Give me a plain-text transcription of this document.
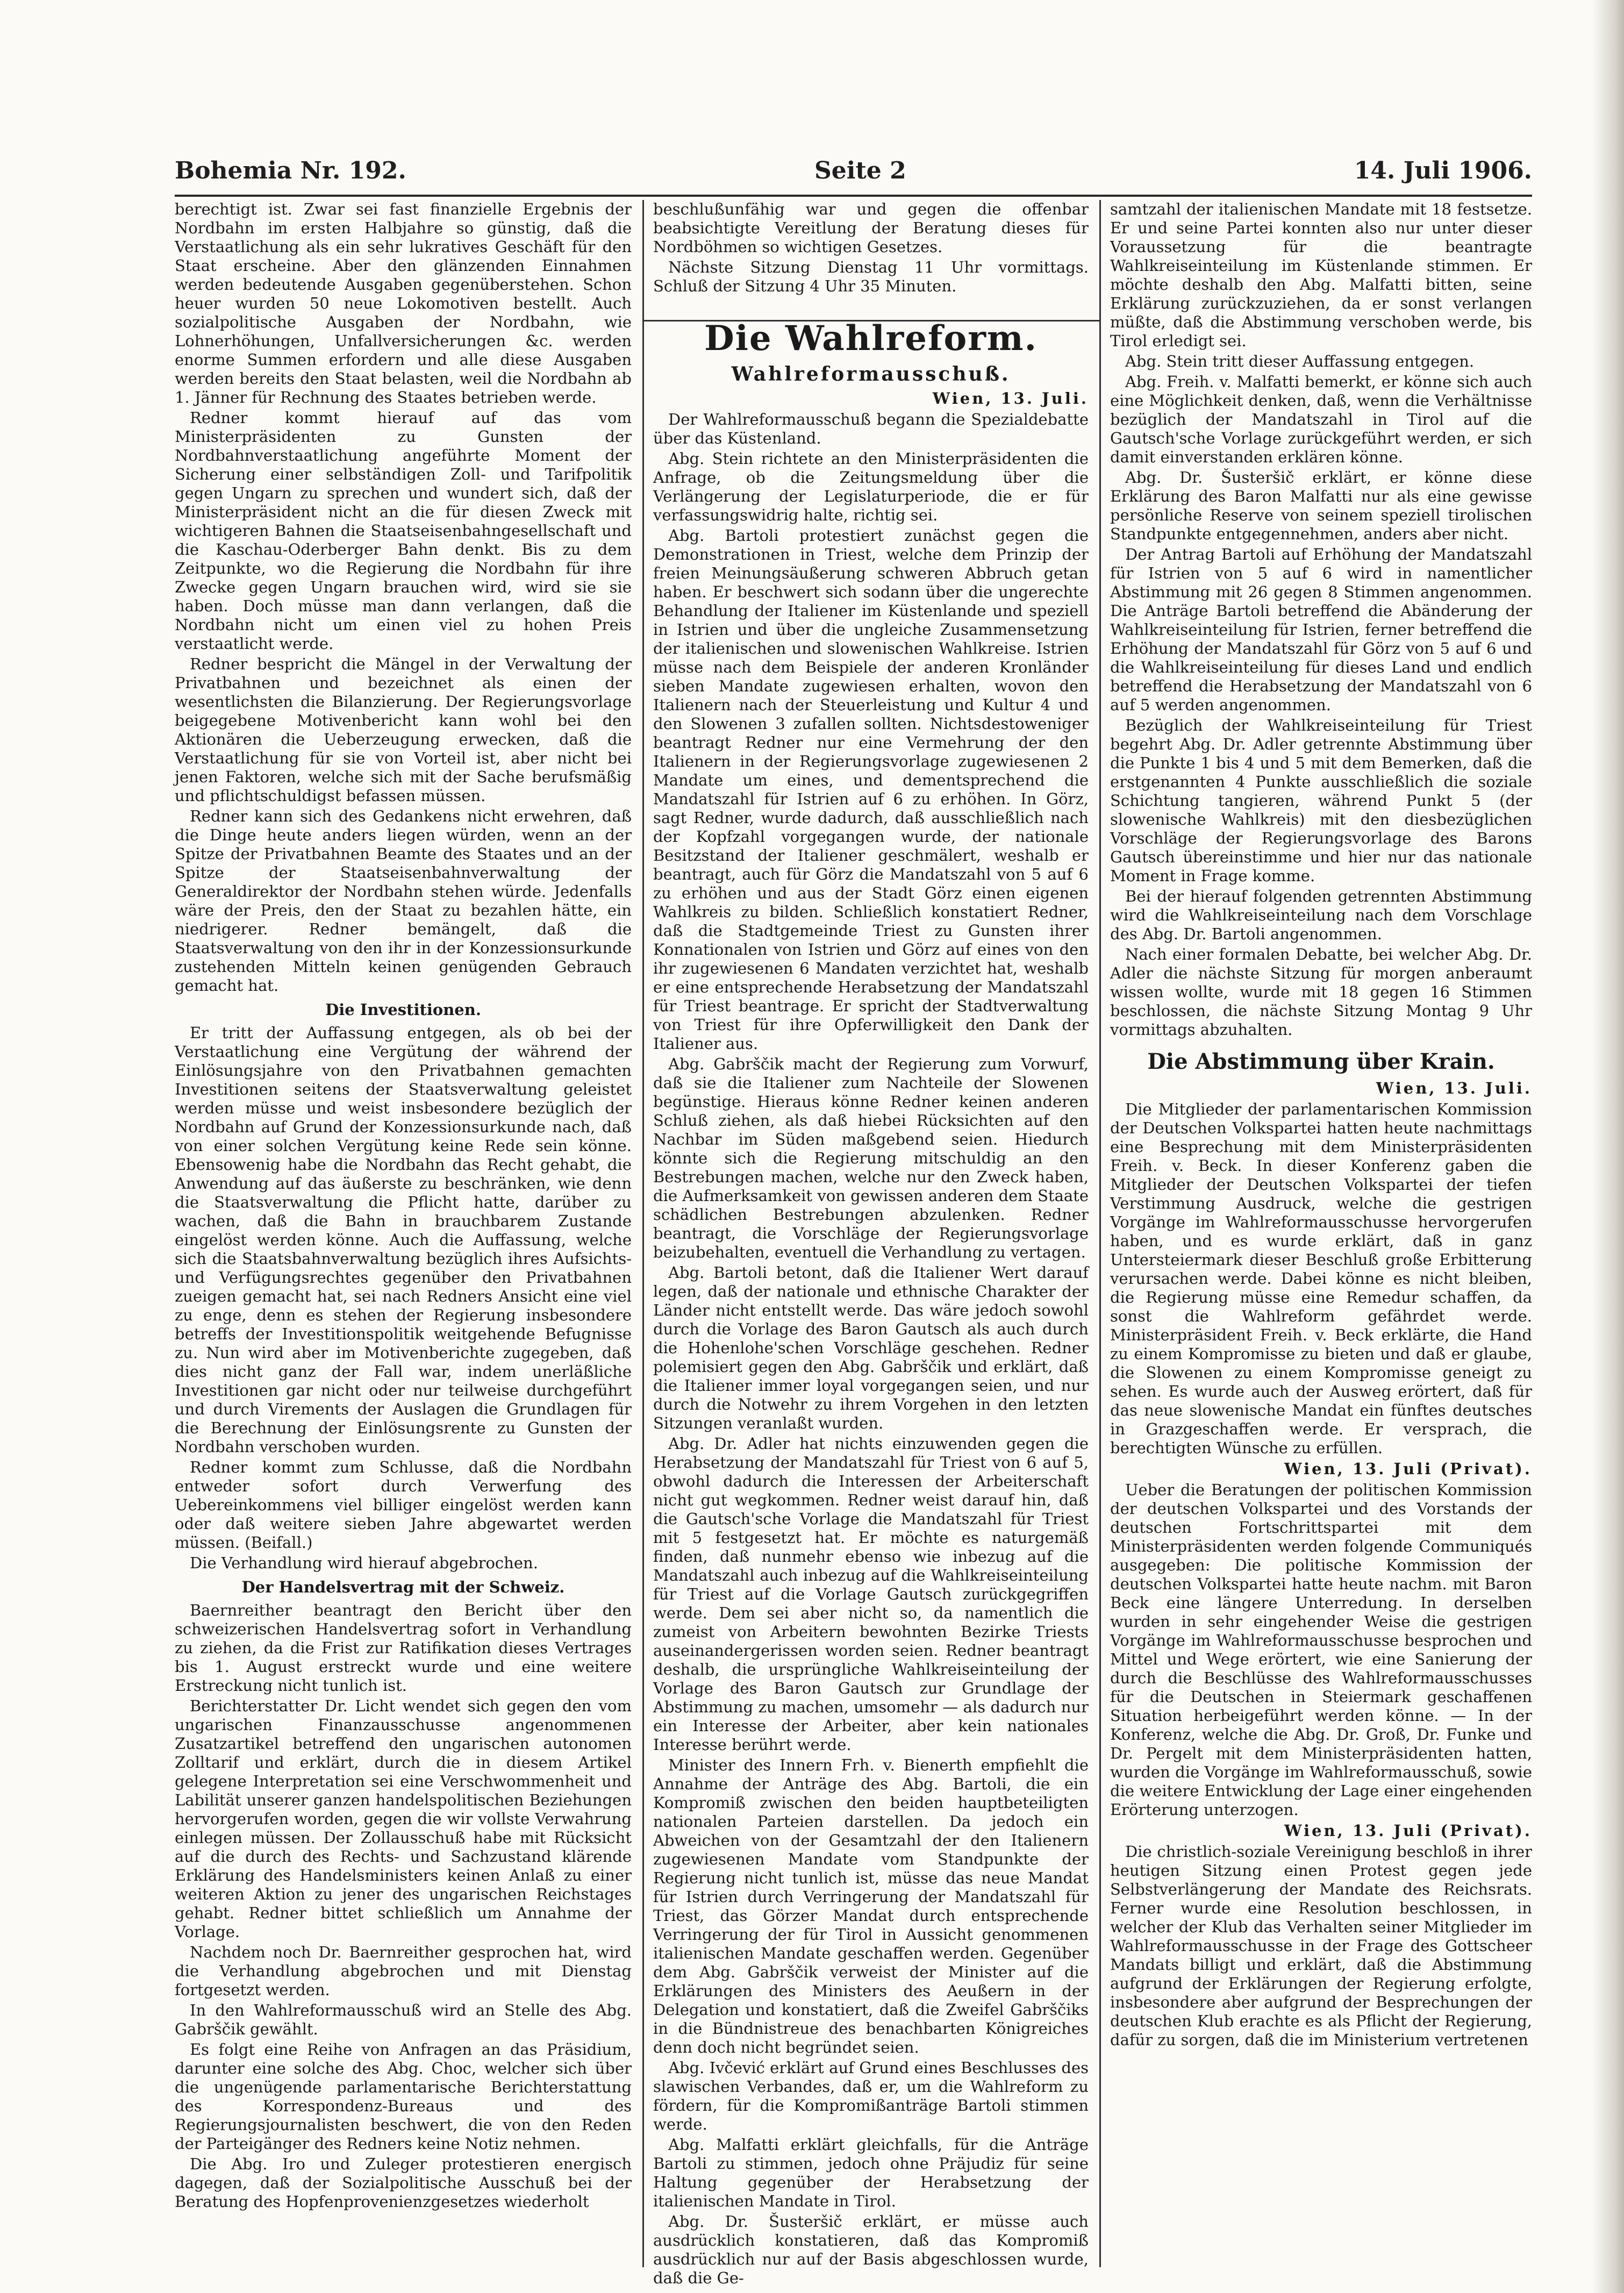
Bohemia Nr. 192.	Seite 2	14. Juli 1906.

berechtigt ist. Zwar sei fast finanzielle Ergebnis der Nordbahn im ersten Halbjahre so günstig, daß die Verstaatlichung als ein sehr lukratives Geschäft für den Staat erscheine. Aber den glänzenden Einnahmen werden bedeutende Ausgaben gegenüberstehen. Schon heuer wurden 50 neue Lokomotiven bestellt. Auch sozialpolitische Ausgaben der Nordbahn, wie Lohnerhöhungen, Unfallversicherungen &c. werden enorme Summen erfordern und alle diese Ausgaben werden bereits den Staat belasten, weil die Nordbahn ab 1. Jänner für Rechnung des Staates betrieben werde.

Redner kommt hierauf auf das vom Ministerpräsidenten zu Gunsten der Nordbahnverstaatlichung angeführte Moment der Sicherung einer selbständigen Zoll- und Tarifpolitik gegen Ungarn zu sprechen und wundert sich, daß der Ministerpräsident nicht an die für diesen Zweck mit wichtigeren Bahnen die Staatseisenbahngesellschaft und die Kaschau-Oderberger Bahn denkt. Bis zu dem Zeitpunkte, wo die Regierung die Nordbahn für ihre Zwecke gegen Ungarn brauchen wird, wird sie sie haben. Doch müsse man dann verlangen, daß die Nordbahn nicht um einen viel zu hohen Preis verstaatlicht werde.

Redner bespricht die Mängel in der Verwaltung der Privatbahnen und bezeichnet als einen der wesentlichsten die Bilanzierung. Der Regierungsvorlage beigegebene Motivenbericht kann wohl bei den Aktionären die Ueberzeugung erwecken, daß die Verstaatlichung für sie von Vorteil ist, aber nicht bei jenen Faktoren, welche sich mit der Sache berufsmäßig und pflichtschuldigst befassen müssen.

Redner kann sich des Gedankens nicht erwehren, daß die Dinge heute anders liegen würden, wenn an der Spitze der Privatbahnen Beamte des Staates und an der Spitze der Staatseisenbahnverwaltung der Generaldirektor der Nordbahn stehen würde. Jedenfalls wäre der Preis, den der Staat zu bezahlen hätte, ein niedrigerer. Redner bemängelt, daß die Staatsverwaltung von den ihr in der Konzessionsurkunde zustehenden Mitteln keinen genügenden Gebrauch gemacht hat.

Die Investitionen.

Er tritt der Auffassung entgegen, als ob bei der Verstaatlichung eine Vergütung der während der Einlösungsjahre von den Privatbahnen gemachten Investitionen seitens der Staatsverwaltung geleistet werden müsse und weist insbesondere bezüglich der Nordbahn auf Grund der Konzessionsurkunde nach, daß von einer solchen Vergütung keine Rede sein könne. Ebensowenig habe die Nordbahn das Recht gehabt, die Anwendung auf das äußerste zu beschränken, wie denn die Staatsverwaltung die Pflicht hatte, darüber zu wachen, daß die Bahn in brauchbarem Zustande eingelöst werden könne. Auch die Auffassung, welche sich die Staatsbahnverwaltung bezüglich ihres Aufsichts- und Verfügungsrechtes gegenüber den Privatbahnen zueigen gemacht hat, sei nach Redners Ansicht eine viel zu enge, denn es stehen der Regierung insbesondere betreffs der Investitionspolitik weitgehende Befugnisse zu. Nun wird aber im Motivenberichte zugegeben, daß dies nicht ganz der Fall war, indem unerläßliche Investitionen gar nicht oder nur teilweise durchgeführt und durch Virements der Auslagen die Grundlagen für die Berechnung der Einlösungsrente zu Gunsten der Nordbahn verschoben wurden.

Redner kommt zum Schlusse, daß die Nordbahn entweder sofort durch Verwerfung des Uebereinkommens viel billiger eingelöst werden kann oder daß weitere sieben Jahre abgewartet werden müssen. (Beifall.)

Die Verhandlung wird hierauf abgebrochen.

Der Handelsvertrag mit der Schweiz.

Baernreither beantragt den Bericht über den schweizerischen Handelsvertrag sofort in Verhandlung zu ziehen, da die Frist zur Ratifikation dieses Vertrages bis 1. August erstreckt wurde und eine weitere Erstreckung nicht tunlich ist.

Berichterstatter Dr. Licht wendet sich gegen den vom ungarischen Finanzausschusse angenommenen Zusatzartikel betreffend den ungarischen autonomen Zolltarif und erklärt, durch die in diesem Artikel gelegene Interpretation sei eine Verschwommenheit und Labilität unserer ganzen handelspolitischen Beziehungen hervorgerufen worden, gegen die wir vollste Verwahrung einlegen müssen. Der Zollausschuß habe mit Rücksicht auf die durch des Rechts- und Sachzustand klärende Erklärung des Handelsministers keinen Anlaß zu einer weiteren Aktion zu jener des ungarischen Reichstages gehabt. Redner bittet schließlich um Annahme der Vorlage.

Nachdem noch Dr. Baernreither gesprochen hat, wird die Verhandlung abgebrochen und mit Dienstag fortgesetzt werden.

In den Wahlreformausschuß wird an Stelle des Abg. Gabrščik gewählt.

Es folgt eine Reihe von Anfragen an das Präsidium, darunter eine solche des Abg. Choc, welcher sich über die ungenügende parlamentarische Berichterstattung des Korrespondenz-Bureaus und des Regierungsjournalisten beschwert, die von den Reden der Parteigänger des Redners keine Notiz nehmen.

Die Abg. Iro und Zuleger protestieren energisch dagegen, daß der Sozialpolitische Ausschuß bei der Beratung des Hopfenprovenienzgesetzes wiederholt

beschlußunfähig war und gegen die offenbar beabsichtigte Vereitlung der Beratung dieses für Nordböhmen so wichtigen Gesetzes.

Nächste Sitzung Dienstag 11 Uhr vormittags. Schluß der Sitzung 4 Uhr 35 Minuten.

Die Wahlreform.
Wahlreformausschuß.
Wien, 13. Juli.

Der Wahlreformausschuß begann die Spezialdebatte über das Küstenland.

Abg. Stein richtete an den Ministerpräsidenten die Anfrage, ob die Zeitungsmeldung über die Verlängerung der Legislaturperiode, die er für verfassungswidrig halte, richtig sei.

Abg. Bartoli protestiert zunächst gegen die Demonstrationen in Triest, welche dem Prinzip der freien Meinungsäußerung schweren Abbruch getan haben. Er beschwert sich sodann über die ungerechte Behandlung der Italiener im Küstenlande und speziell in Istrien und über die ungleiche Zusammensetzung der italienischen und slowenischen Wahlkreise. Istrien müsse nach dem Beispiele der anderen Kronländer sieben Mandate zugewiesen erhalten, wovon den Italienern nach der Steuerleistung und Kultur 4 und den Slowenen 3 zufallen sollten. Nichtsdestoweniger beantragt Redner nur eine Vermehrung der den Italienern in der Regierungsvorlage zugewiesenen 2 Mandate um eines, und dementsprechend die Mandatszahl für Istrien auf 6 zu erhöhen. In Görz, sagt Redner, wurde dadurch, daß ausschließlich nach der Kopfzahl vorgegangen wurde, der nationale Besitzstand der Italiener geschmälert, weshalb er beantragt, auch für Görz die Mandatszahl von 5 auf 6 zu erhöhen und aus der Stadt Görz einen eigenen Wahlkreis zu bilden. Schließlich konstatiert Redner, daß die Stadtgemeinde Triest zu Gunsten ihrer Konnationalen von Istrien und Görz auf eines von den ihr zugewiesenen 6 Mandaten verzichtet hat, weshalb er eine entsprechende Herabsetzung der Mandatszahl für Triest beantrage. Er spricht der Stadtverwaltung von Triest für ihre Opferwilligkeit den Dank der Italiener aus.

Abg. Gabrščik macht der Regierung zum Vorwurf, daß sie die Italiener zum Nachteile der Slowenen begünstige. Hieraus könne Redner keinen anderen Schluß ziehen, als daß hiebei Rücksichten auf den Nachbar im Süden maßgebend seien. Hiedurch könnte sich die Regierung mitschuldig an den Bestrebungen machen, welche nur den Zweck haben, die Aufmerksamkeit von gewissen anderen dem Staate schädlichen Bestrebungen abzulenken. Redner beantragt, die Vorschläge der Regierungsvorlage beizubehalten, eventuell die Verhandlung zu vertagen.

Abg. Bartoli betont, daß die Italiener Wert darauf legen, daß der nationale und ethnische Charakter der Länder nicht entstellt werde. Das wäre jedoch sowohl durch die Vorlage des Baron Gautsch als auch durch die Hohenlohe'schen Vorschläge geschehen. Redner polemisiert gegen den Abg. Gabrščik und erklärt, daß die Italiener immer loyal vorgegangen seien, und nur durch die Notwehr zu ihrem Vorgehen in den letzten Sitzungen veranlaßt wurden.

Abg. Dr. Adler hat nichts einzuwenden gegen die Herabsetzung der Mandatszahl für Triest von 6 auf 5, obwohl dadurch die Interessen der Arbeiterschaft nicht gut wegkommen. Redner weist darauf hin, daß die Gautsch'sche Vorlage die Mandatszahl für Triest mit 5 festgesetzt hat. Er möchte es naturgemäß finden, daß nunmehr ebenso wie inbezug auf die Mandatszahl auch inbezug auf die Wahlkreiseinteilung für Triest auf die Vorlage Gautsch zurückgegriffen werde. Dem sei aber nicht so, da namentlich die zumeist von Arbeitern bewohnten Bezirke Triests auseinandergerissen worden seien. Redner beantragt deshalb, die ursprüngliche Wahlkreiseinteilung der Vorlage des Baron Gautsch zur Grundlage der Abstimmung zu machen, umsomehr — als dadurch nur ein Interesse der Arbeiter, aber kein nationales Interesse berührt werde.

Minister des Innern Frh. v. Bienerth empfiehlt die Annahme der Anträge des Abg. Bartoli, die ein Kompromiß zwischen den beiden hauptbeteiligten nationalen Parteien darstellen. Da jedoch ein Abweichen von der Gesamtzahl der den Italienern zugewiesenen Mandate vom Standpunkte der Regierung nicht tunlich ist, müsse das neue Mandat für Istrien durch Verringerung der Mandatszahl für Triest, das Görzer Mandat durch entsprechende Verringerung der für Tirol in Aussicht genommenen italienischen Mandate geschaffen werden. Gegenüber dem Abg. Gabrščik verweist der Minister auf die Erklärungen des Ministers des Aeußern in der Delegation und konstatiert, daß die Zweifel Gabrščiks in die Bündnistreue des benachbarten Königreiches denn doch nicht begründet seien.

Abg. Ivčević erklärt auf Grund eines Beschlusses des slawischen Verbandes, daß er, um die Wahlreform zu fördern, für die Kompromißanträge Bartoli stimmen werde.

Abg. Malfatti erklärt gleichfalls, für die Anträge Bartoli zu stimmen, jedoch ohne Präjudiz für seine Haltung gegenüber der Herabsetzung der italienischen Mandate in Tirol.

Abg. Dr. Šusteršič erklärt, er müsse auch ausdrücklich konstatieren, daß das Kompromiß ausdrücklich nur auf der Basis abgeschlossen wurde, daß die Ge-

samtzahl der italienischen Mandate mit 18 festsetze. Er und seine Partei konnten also nur unter dieser Voraussetzung für die beantragte Wahlkreiseinteilung im Küstenlande stimmen. Er möchte deshalb den Abg. Malfatti bitten, seine Erklärung zurückzuziehen, da er sonst verlangen müßte, daß die Abstimmung verschoben werde, bis Tirol erledigt sei.

Abg. Stein tritt dieser Auffassung entgegen.

Abg. Freih. v. Malfatti bemerkt, er könne sich auch eine Möglichkeit denken, daß, wenn die Verhältnisse bezüglich der Mandatszahl in Tirol auf die Gautsch'sche Vorlage zurückgeführt werden, er sich damit einverstanden erklären könne.

Abg. Dr. Šusteršič erklärt, er könne diese Erklärung des Baron Malfatti nur als eine gewisse persönliche Reserve von seinem speziell tirolischen Standpunkte entgegennehmen, anders aber nicht.

Der Antrag Bartoli auf Erhöhung der Mandatszahl für Istrien von 5 auf 6 wird in namentlicher Abstimmung mit 26 gegen 8 Stimmen angenommen. Die Anträge Bartoli betreffend die Abänderung der Wahlkreiseinteilung für Istrien, ferner betreffend die Erhöhung der Mandatszahl für Görz von 5 auf 6 und die Wahlkreiseinteilung für dieses Land und endlich betreffend die Herabsetzung der Mandatszahl von 6 auf 5 werden angenommen.

Bezüglich der Wahlkreiseinteilung für Triest begehrt Abg. Dr. Adler getrennte Abstimmung über die Punkte 1 bis 4 und 5 mit dem Bemerken, daß die erstgenannten 4 Punkte ausschließlich die soziale Schichtung tangieren, während Punkt 5 (der slowenische Wahlkreis) mit den diesbezüglichen Vorschläge der Regierungsvorlage des Barons Gautsch übereinstimme und hier nur das nationale Moment in Frage komme.

Bei der hierauf folgenden getrennten Abstimmung wird die Wahlkreiseinteilung nach dem Vorschlage des Abg. Dr. Bartoli angenommen.

Nach einer formalen Debatte, bei welcher Abg. Dr. Adler die nächste Sitzung für morgen anberaumt wissen wollte, wurde mit 18 gegen 16 Stimmen beschlossen, die nächste Sitzung Montag 9 Uhr vormittags abzuhalten.

Die Abstimmung über Krain.
Wien, 13. Juli.

Die Mitglieder der parlamentarischen Kommission der Deutschen Volkspartei hatten heute nachmittags eine Besprechung mit dem Ministerpräsidenten Freih. v. Beck. In dieser Konferenz gaben die Mitglieder der Deutschen Volkspartei der tiefen Verstimmung Ausdruck, welche die gestrigen Vorgänge im Wahlreformausschusse hervorgerufen haben, und es wurde erklärt, daß in ganz Untersteiermark dieser Beschluß große Erbitterung verursachen werde. Dabei könne es nicht bleiben, die Regierung müsse eine Remedur schaffen, da sonst die Wahlreform gefährdet werde. Ministerpräsident Freih. v. Beck erklärte, die Hand zu einem Kompromisse zu bieten und daß er glaube, die Slowenen zu einem Kompromisse geneigt zu sehen. Es wurde auch der Ausweg erörtert, daß für das neue slowenische Mandat ein fünftes deutsches in Grazgeschaffen werde. Er versprach, die berechtigten Wünsche zu erfüllen.

Wien, 13. Juli (Privat).

Ueber die Beratungen der politischen Kommission der deutschen Volkspartei und des Vorstands der deutschen Fortschrittspartei mit dem Ministerpräsidenten werden folgende Communiqués ausgegeben: Die politische Kommission der deutschen Volkspartei hatte heute nachm. mit Baron Beck eine längere Unterredung. In derselben wurden in sehr eingehender Weise die gestrigen Vorgänge im Wahlreformausschusse besprochen und Mittel und Wege erörtert, wie eine Sanierung der durch die Beschlüsse des Wahlreformausschusses für die Deutschen in Steiermark geschaffenen Situation herbeigeführt werden könne. — In der Konferenz, welche die Abg. Dr. Groß, Dr. Funke und Dr. Pergelt mit dem Ministerpräsidenten hatten, wurden die Vorgänge im Wahlreformausschuß, sowie die weitere Entwicklung der Lage einer eingehenden Erörterung unterzogen.

Wien, 13. Juli (Privat).

Die christlich-soziale Vereinigung beschloß in ihrer heutigen Sitzung einen Protest gegen jede Selbstverlängerung der Mandate des Reichsrats. Ferner wurde eine Resolution beschlossen, in welcher der Klub das Verhalten seiner Mitglieder im Wahlreformausschusse in der Frage des Gottscheer Mandats billigt und erklärt, daß die Abstimmung aufgrund der Erklärungen der Regierung erfolgte, insbesondere aber aufgrund der Besprechungen der deutschen Klub erachte es als Pflicht der Regierung, dafür zu sorgen, daß die im Ministerium vertretenen
